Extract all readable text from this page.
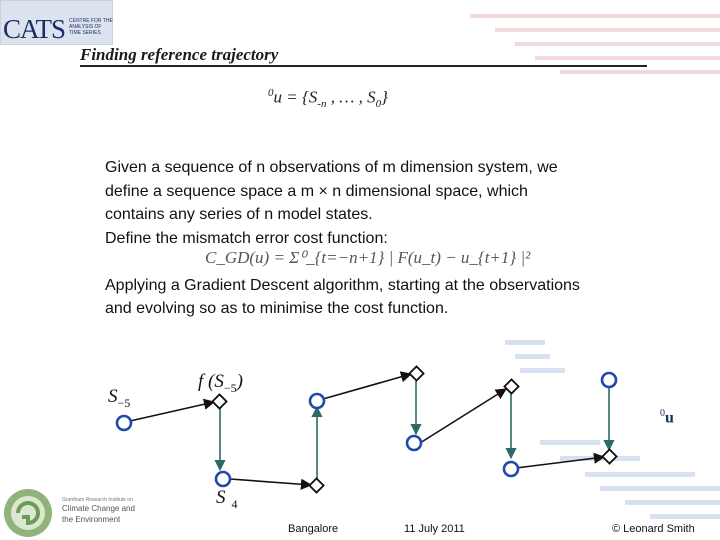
CATS CENTRE FOR THE ANALYSIS OF TIME SERIES
Finding reference trajectory
$^0u = \{S_{-n}$ , … , $S_0$}
Given a sequence of n observations of m dimension system, we
define a sequence space a m × n dimensional space, which
contains any series of n model states.
Define the mismatch error cost function:
Applying a Gradient Descent algorithm, starting at the observations
and evolving so as to minimise the cost function.
C_GD(u) = Σ⁰_{t=−n+1} | F(u_t) − u_{t+1} |²
f $(S_{-5})$
$S_{-5}$
S $_4$
$^0$u
Grantham Research Institute on
Climate Change and
the Environment
Bangalore	11 July 2011	© Leonard Smith
